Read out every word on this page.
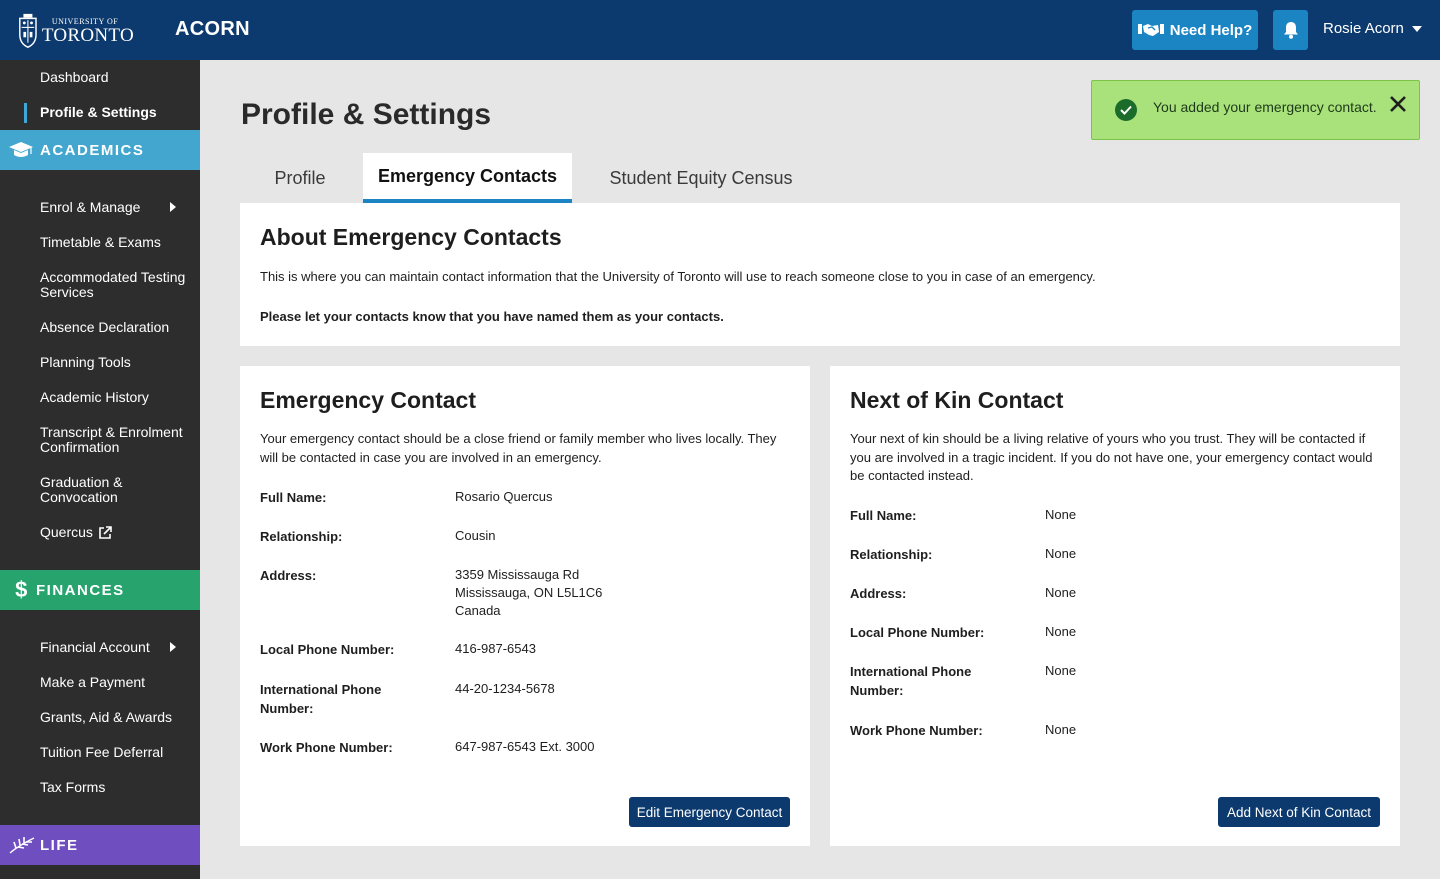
UNIVERSITY OF
TORONTO ACORN	Need Help?	Rosie Acorn
Dashboard
Profile & Settings
ACADEMICS
Enrol & Manage
Timetable & Exams
Accommodated Testing Services
Absence Declaration
Planning Tools
Academic History
Transcript & Enrolment Confirmation
Graduation & Convocation
Quercus
$ FINANCES
Financial Account
Make a Payment
Grants, Aid & Awards
Tuition Fee Deferral
Tax Forms
LIFE
Profile & Settings	You added your emergency contact.
Profile	Emergency Contacts	Student Equity Census
About Emergency Contacts
This is where you can maintain contact information that the University of Toronto will use to reach someone close to you in case of an emergency.
Please let your contacts know that you have named them as your contacts.
Emergency Contact
Your emergency contact should be a close friend or family member who lives locally. They will be contacted in case you are involved in an emergency.
Full Name:	Rosario Quercus
Relationship:	Cousin
Address:	3359 Mississauga Rd
Mississauga, ON L5L1C6
Canada
Local Phone Number:	416-987-6543
International Phone Number:
44-20-1234-5678
Work Phone Number:	647-987-6543 Ext. 3000
Edit Emergency Contact
Next of Kin Contact
Your next of kin should be a living relative of yours who you trust. They will be contacted if you are involved in a tragic incident. If you do not have one, your emergency contact would be contacted instead.
Full Name:	None
Relationship:	None
Address:	None
Local Phone Number:	None
International Phone Number:
None
Work Phone Number:	None
Add Next of Kin Contact
